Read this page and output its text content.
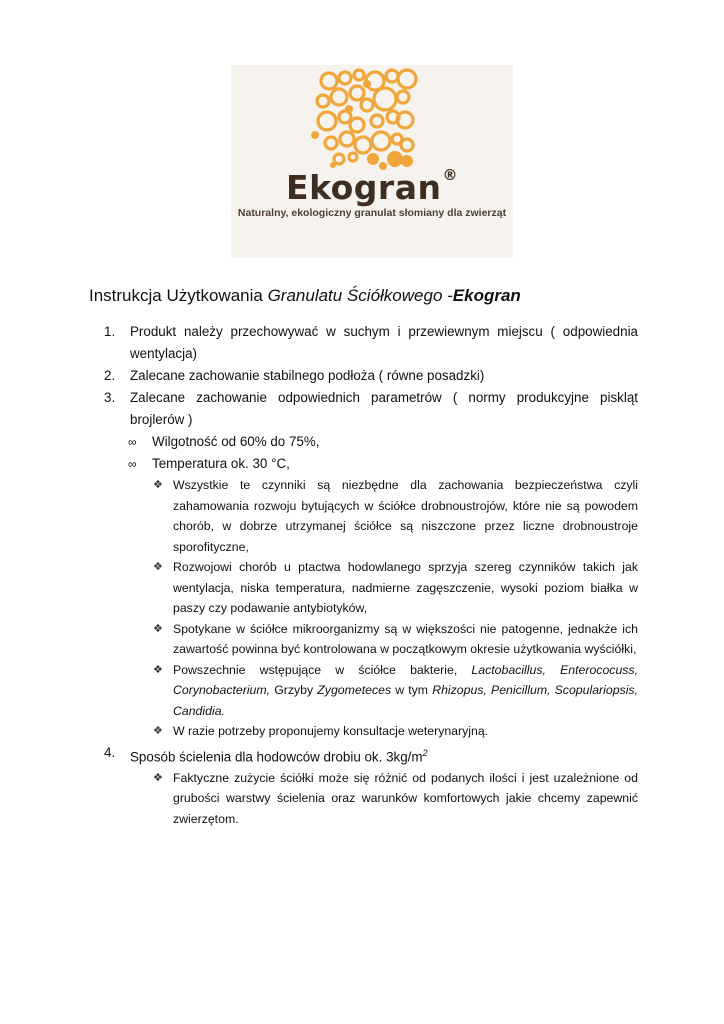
Ekogran®
Naturalny, ekologiczny granulat słomiany dla zwierząt
Instrukcja Użytkowania Granulatu Ściółkowego -Ekogran
1. Produkt należy przechowywać w suchym i przewiewnym miejscu ( odpowiednia wentylacja)
2. Zalecane zachowanie stabilnego podłoża ( równe posadzki)
3. Zalecane zachowanie odpowiednich parametrów ( normy produkcyjne piskląt brojlerów )
∞ Wilgotność od 60% do 75%,
∞ Temperatura ok. 30 °C,
❖ Wszystkie te czynniki są niezbędne dla zachowania bezpieczeństwa czyli zahamowania rozwoju bytujących w ściółce drobnoustrojów, które nie są powodem chorób, w dobrze utrzymanej ściółce są niszczone przez liczne drobnoustroje sporofityczne,
❖ Rozwojowi chorób u ptactwa hodowlanego sprzyja szereg czynników takich jak wentylacja, niska temperatura, nadmierne zagęszczenie, wysoki poziom białka w paszy czy podawanie antybiotyków,
❖ Spotykane w ściółce mikroorganizmy są w większości nie patogenne, jednakże ich zawartość powinna być kontrolowana w początkowym okresie użytkowania wyściółki,
❖ Powszechnie wstępujące w ściółce bakterie, Lactobacillus, Enterococuss, Corynobacterium, Grzyby Zygometeces w tym Rhizopus, Penicillum, Scopulariopsis, Candidia.
❖ W razie potrzeby proponujemy konsultacje weterynaryjną.
4. Sposób ścielenia dla hodowców drobiu ok. $3kg/m^2$
❖ Faktyczne zużycie ściółki może się różnić od podanych ilości i jest uzależnione od grubości warstwy ścielenia oraz warunków komfortowych jakie chcemy zapewnić zwierzętom.
